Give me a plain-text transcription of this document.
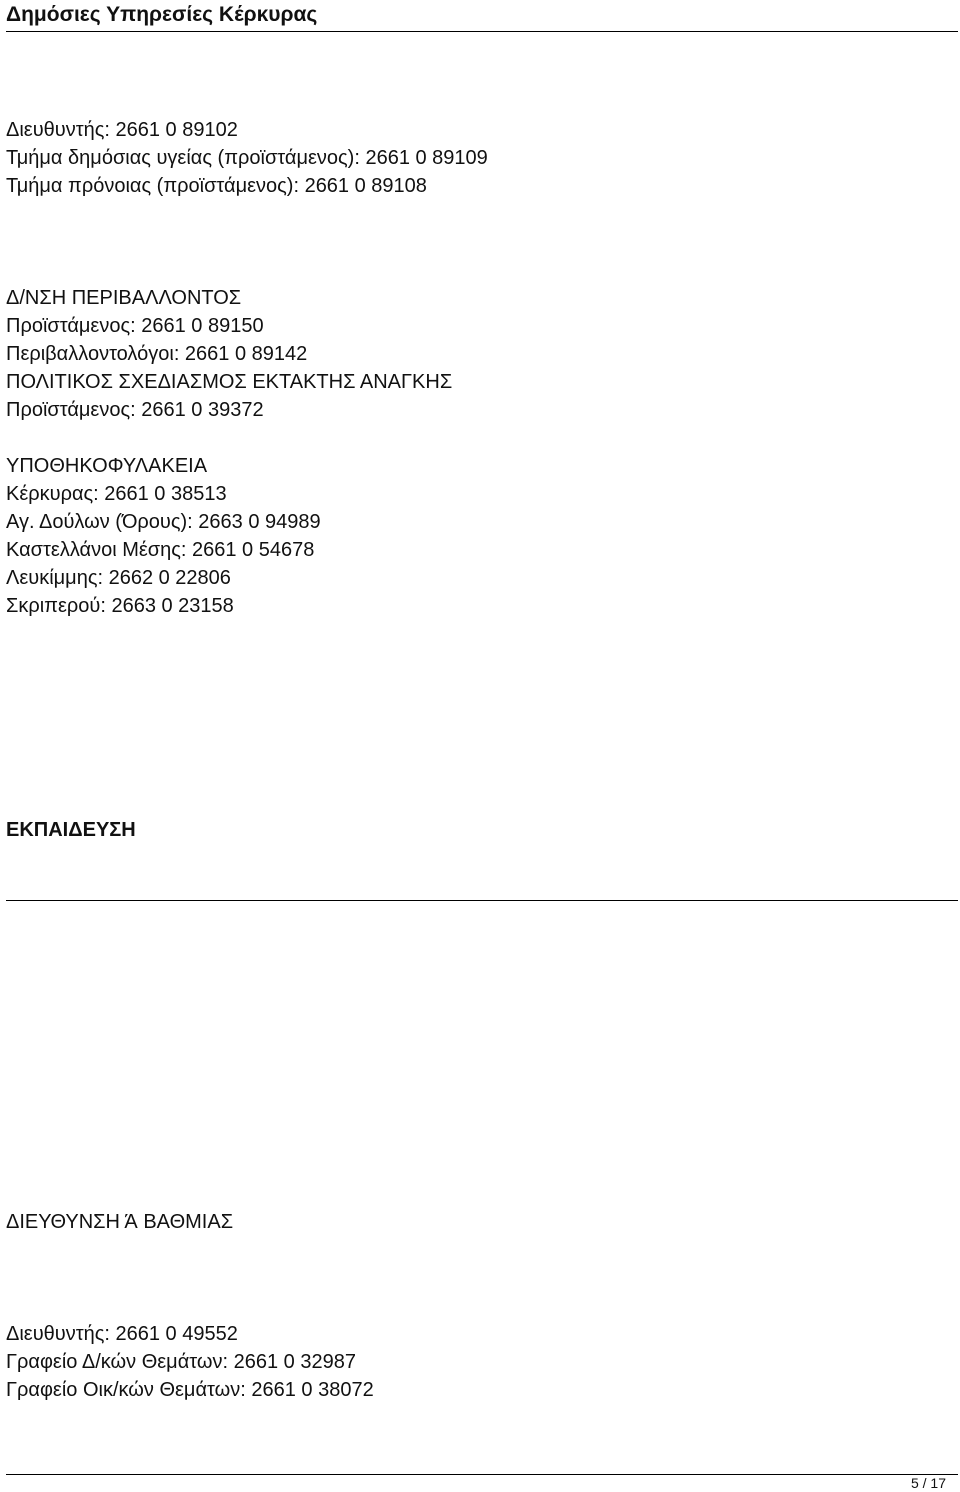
Δημόσιες Υπηρεσίες Κέρκυρας
Διευθυντής: 2661 0 89102
Τμήμα δημόσιας υγείας (προϊστάμενος): 2661 0 89109
Τμήμα πρόνοιας (προϊστάμενος): 2661 0 89108
Δ/ΝΣΗ ΠΕΡΙΒΑΛΛΟΝΤΟΣ
Προϊστάμενος: 2661 0 89150
Περιβαλλοντολόγοι: 2661 0 89142
ΠΟΛΙΤΙΚΟΣ ΣΧΕΔΙΑΣΜΟΣ ΕΚΤΑΚΤΗΣ ΑΝΑΓΚΗΣ
Προϊστάμενος: 2661 0 39372
ΥΠΟΘΗΚΟΦΥΛΑΚΕΙΑ
Κέρκυρας: 2661 0 38513
Αγ. Δούλων (Όρους): 2663 0 94989
Καστελλάνοι Μέσης: 2661 0 54678
Λευκίμμης: 2662 0 22806
Σκριπερού: 2663 0 23158
ΕΚΠΑΙΔΕΥΣΗ
ΔΙΕΥΘΥΝΣΗ Ά ΒΑΘΜΙΑΣ
Διευθυντής: 2661 0 49552
Γραφείο Δ/κών Θεμάτων: 2661 0 32987
Γραφείο Οικ/κών Θεμάτων: 2661 0 38072
5 / 17
